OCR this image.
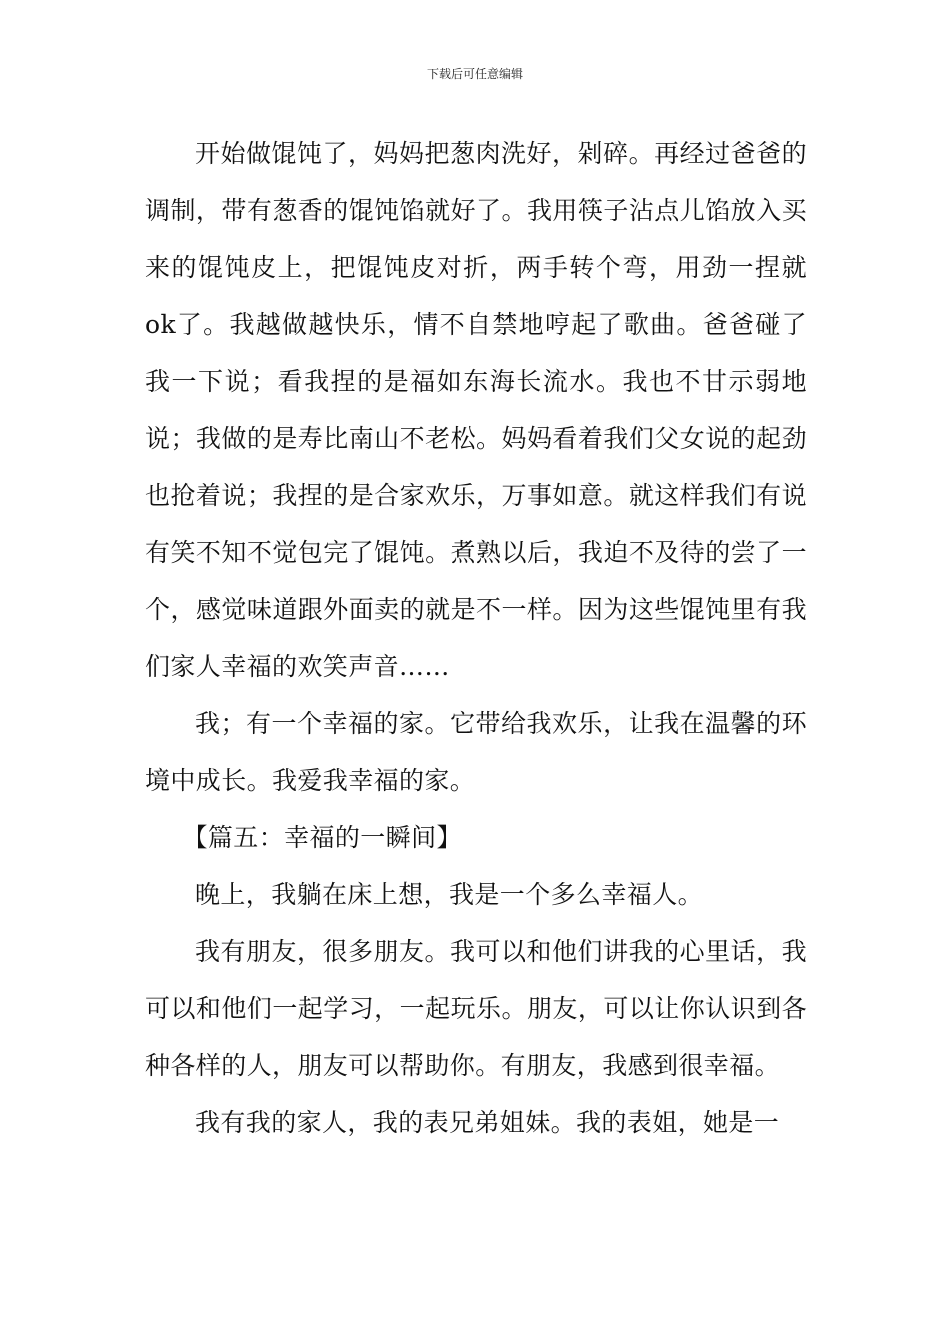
下载后可任意编辑

开始做馄饨了，妈妈把葱肉洗好，剁碎。再经过爸爸的调制，带有葱香的馄饨馅就好了。我用筷子沾点儿馅放入买来的馄饨皮上，把馄饨皮对折，两手转个弯，用劲一捏就ok了。我越做越快乐，情不自禁地哼起了歌曲。爸爸碰了我一下说；看我捏的是福如东海长流水。我也不甘示弱地说；我做的是寿比南山不老松。妈妈看着我们父女说的起劲也抢着说；我捏的是合家欢乐，万事如意。就这样我们有说有笑不知不觉包完了馄饨。煮熟以后，我迫不及待的尝了一个，感觉味道跟外面卖的就是不一样。因为这些馄饨里有我们家人幸福的欢笑声音……

我；有一个幸福的家。它带给我欢乐，让我在温馨的环境中成长。我爱我幸福的家。

【篇五：幸福的一瞬间】

晚上，我躺在床上想，我是一个多么幸福人。

我有朋友，很多朋友。我可以和他们讲我的心里话，我可以和他们一起学习，一起玩乐。朋友，可以让你认识到各种各样的人，朋友可以帮助你。有朋友，我感到很幸福。

我有我的家人，我的表兄弟姐妹。我的表姐，她是一
